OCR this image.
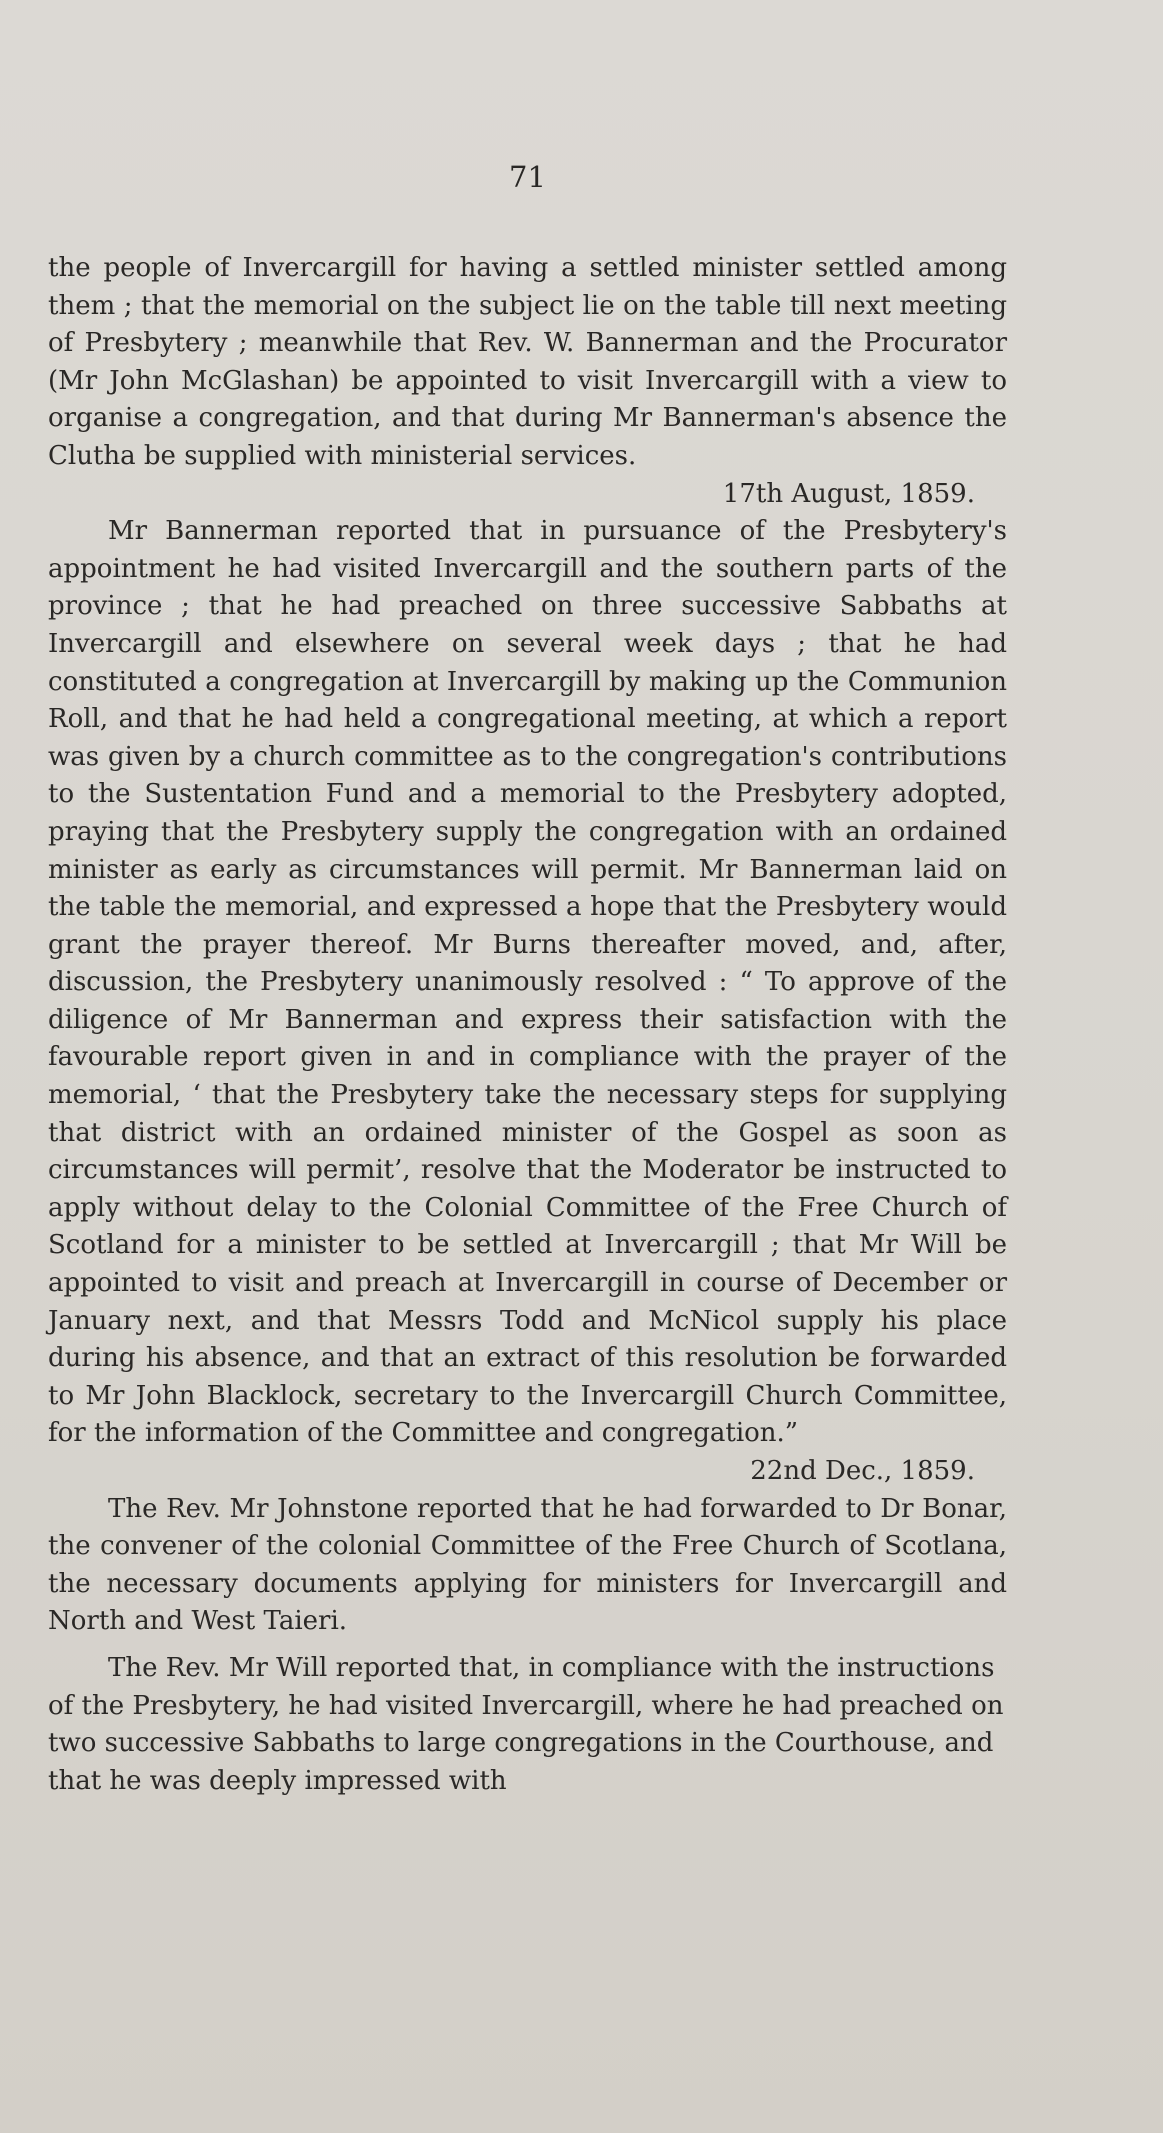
71

the people of Invercargill for having a settled minister settled among them ; that the memorial on the subject lie on the table till next meeting of Presbytery ; meanwhile that Rev. W. Bannerman and the Procurator (Mr John McGlashan) be appointed to visit Invercargill with a view to organise a congregation, and that during Mr Bannerman's absence the Clutha be supplied with ministerial services.

17th August, 1859.

Mr Bannerman reported that in pursuance of the Presbytery's appointment he had visited Invercargill and the southern parts of the province ; that he had preached on three successive Sabbaths at Invercargill and elsewhere on several week days ; that he had constituted a congregation at Invercargill by making up the Communion Roll, and that he had held a congregational meeting, at which a report was given by a church committee as to the congregation's contributions to the Sustentation Fund and a memorial to the Presbytery adopted, praying that the Presbytery supply the congregation with an ordained minister as early as circumstances will permit. Mr Bannerman laid on the table the memorial, and expressed a hope that the Presbytery would grant the prayer thereof. Mr Burns thereafter moved, and, after, discussion, the Presbytery unanimously resolved : “ To approve of the diligence of Mr Bannerman and express their satisfaction with the favourable report given in and in compliance with the prayer of the memorial, ‘ that the Presbytery take the necessary steps for supplying that district with an ordained minister of the Gospel as soon as circumstances will permit’, resolve that the Moderator be instructed to apply without delay to the Colonial Committee of the Free Church of Scotland for a minister to be settled at Invercargill ; that Mr Will be appointed to visit and preach at Invercargill in course of December or January next, and that Messrs Todd and McNicol supply his place during his absence, and that an extract of this resolution be forwarded to Mr John Blacklock, secretary to the Invercargill Church Committee, for the information of the Committee and congregation.”

22nd Dec., 1859.

The Rev. Mr Johnstone reported that he had forwarded to Dr Bonar, the convener of the colonial Committee of the Free Church of Scotlana, the necessary documents applying for ministers for Invercargill and North and West Taieri.

The Rev. Mr Will reported that, in compliance with the instructions of the Presbytery, he had visited Invercargill, where he had preached on two successive Sabbaths to large congregations in the Courthouse, and that he was deeply impressed with
